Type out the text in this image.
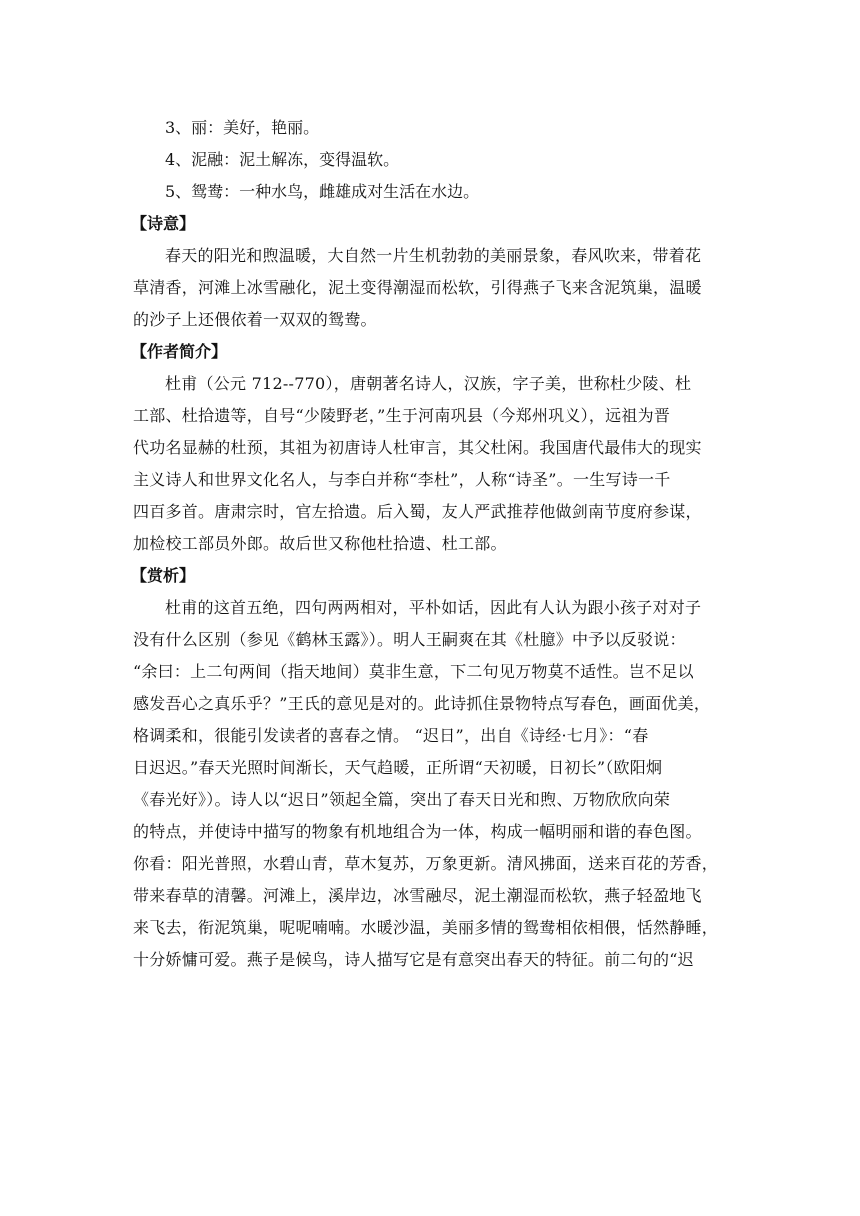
3、丽：美好，艳丽。
4、泥融：泥土解冻，变得温软。
5、鸳鸯：一种水鸟，雌雄成对生活在水边。
【诗意】
春天的阳光和煦温暖，大自然一片生机勃勃的美丽景象，春风吹来，带着花
草清香，河滩上冰雪融化，泥土变得潮湿而松软，引得燕子飞来含泥筑巢，温暖
的沙子上还偎依着一双双的鸳鸯。
【作者简介】
杜甫（公元 712--770），唐朝著名诗人，汉族，字子美，世称杜少陵、杜
工部、杜拾遗等，自号“少陵野老，”生于河南巩县（今郑州巩义），远祖为晋
代功名显赫的杜预，其祖为初唐诗人杜审言，其父杜闲。我国唐代最伟大的现实
主义诗人和世界文化名人，与李白并称“李杜”，人称“诗圣”。一生写诗一千
四百多首。唐肃宗时，官左拾遗。后入蜀，友人严武推荐他做剑南节度府参谋，
加检校工部员外郎。故后世又称他杜拾遗、杜工部。
【赏析】
杜甫的这首五绝，四句两两相对，平朴如话，因此有人认为跟小孩子对对子
没有什么区别（参见《鹤林玉露》）。明人王嗣爽在其《杜臆》中予以反驳说：
“余曰：上二句两间（指天地间）莫非生意，下二句见万物莫不适性。岂不足以
感发吾心之真乐乎？”王氏的意见是对的。此诗抓住景物特点写春色，画面优美，
格调柔和，很能引发读者的喜春之情。 “迟日”，出自《诗经·七月》：“春
日迟迟。”春天光照时间渐长，天气趋暖，正所谓“天初暖，日初长”（欧阳炯
《春光好》）。诗人以“迟日”领起全篇，突出了春天日光和煦、万物欣欣向荣
的特点，并使诗中描写的物象有机地组合为一体，构成一幅明丽和谐的春色图。
你看：阳光普照，水碧山青，草木复苏，万象更新。清风拂面，送来百花的芳香，
带来春草的清馨。河滩上，溪岸边，冰雪融尽，泥土潮湿而松软，燕子轻盈地飞
来飞去，衔泥筑巢，呢呢喃喃。水暖沙温，美丽多情的鸳鸯相依相偎，恬然静睡，
十分娇慵可爱。燕子是候鸟，诗人描写它是有意突出春天的特征。前二句的“迟
